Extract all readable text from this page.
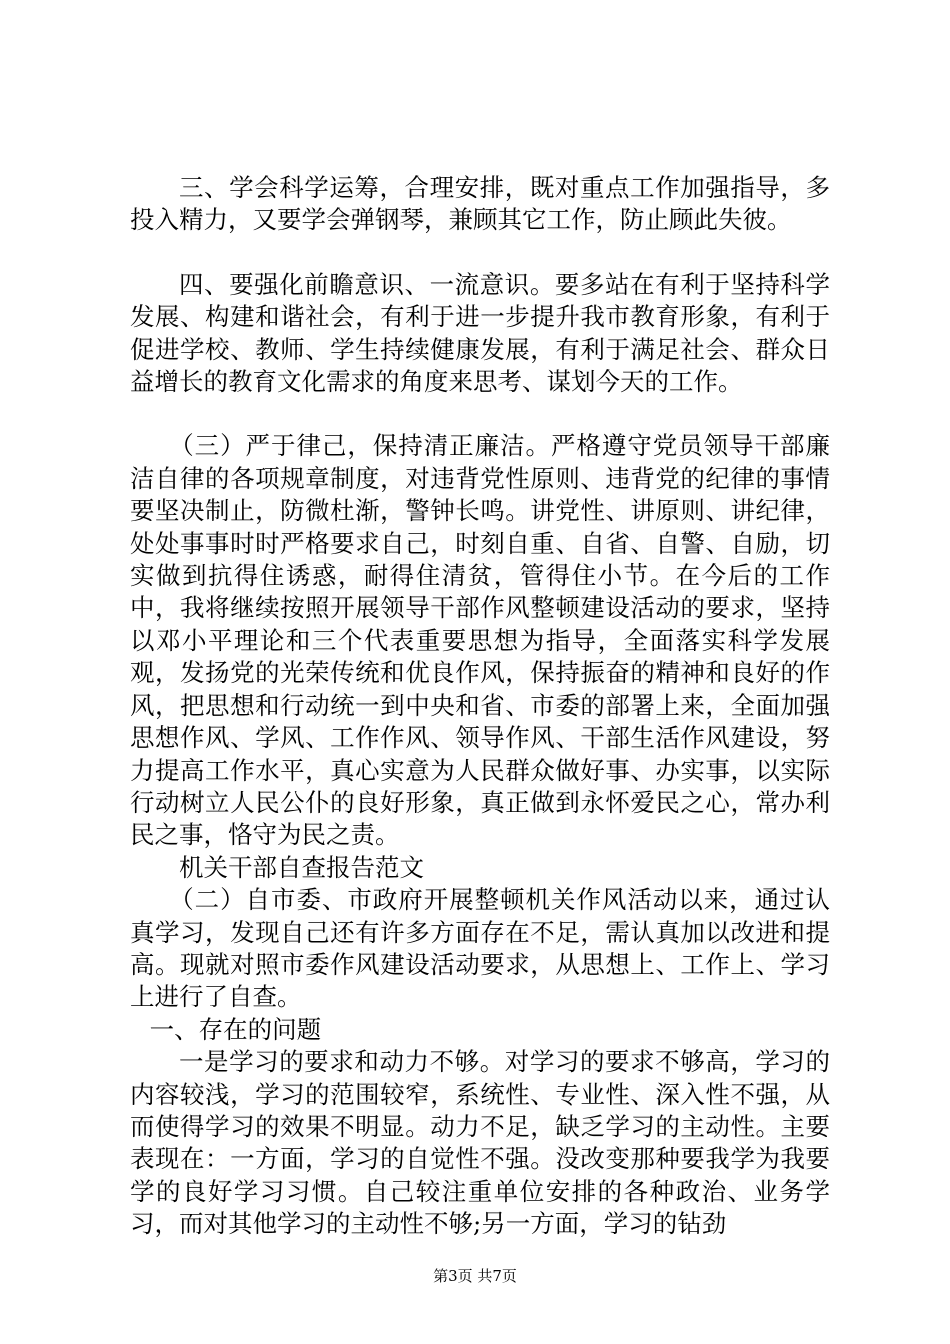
三、学会科学运筹，合理安排，既对重点工作加强指导，多投入精力，又要学会弹钢琴，兼顾其它工作，防止顾此失彼。

四、要强化前瞻意识、一流意识。要多站在有利于坚持科学发展、构建和谐社会，有利于进一步提升我市教育形象，有利于促进学校、教师、学生持续健康发展，有利于满足社会、群众日益增长的教育文化需求的角度来思考、谋划今天的工作。

（三）严于律己，保持清正廉洁。严格遵守党员领导干部廉洁自律的各项规章制度，对违背党性原则、违背党的纪律的事情要坚决制止，防微杜渐，警钟长鸣。讲党性、讲原则、讲纪律，处处事事时时严格要求自己，时刻自重、自省、自警、自励，切实做到抗得住诱惑，耐得住清贫，管得住小节。在今后的工作中，我将继续按照开展领导干部作风整顿建设活动的要求，坚持以邓小平理论和三个代表重要思想为指导，全面落实科学发展观，发扬党的光荣传统和优良作风，保持振奋的精神和良好的作风，把思想和行动统一到中央和省、市委的部署上来，全面加强思想作风、学风、工作作风、领导作风、干部生活作风建设，努力提高工作水平，真心实意为人民群众做好事、办实事，以实际行动树立人民公仆的良好形象，真正做到永怀爱民之心，常办利民之事，恪守为民之责。

机关干部自查报告范文

（二）自市委、市政府开展整顿机关作风活动以来，通过认真学习，发现自己还有许多方面存在不足，需认真加以改进和提高。现就对照市委作风建设活动要求，从思想上、工作上、学习上进行了自查。

一、存在的问题

一是学习的要求和动力不够。对学习的要求不够高，学习的内容较浅，学习的范围较窄，系统性、专业性、深入性不强，从而使得学习的效果不明显。动力不足，缺乏学习的主动性。主要表现在：一方面，学习的自觉性不强。没改变那种要我学为我要学的良好学习习惯。自己较注重单位安排的各种政治、业务学习，而对其他学习的主动性不够;另一方面，学习的钻劲

第3页 共7页
